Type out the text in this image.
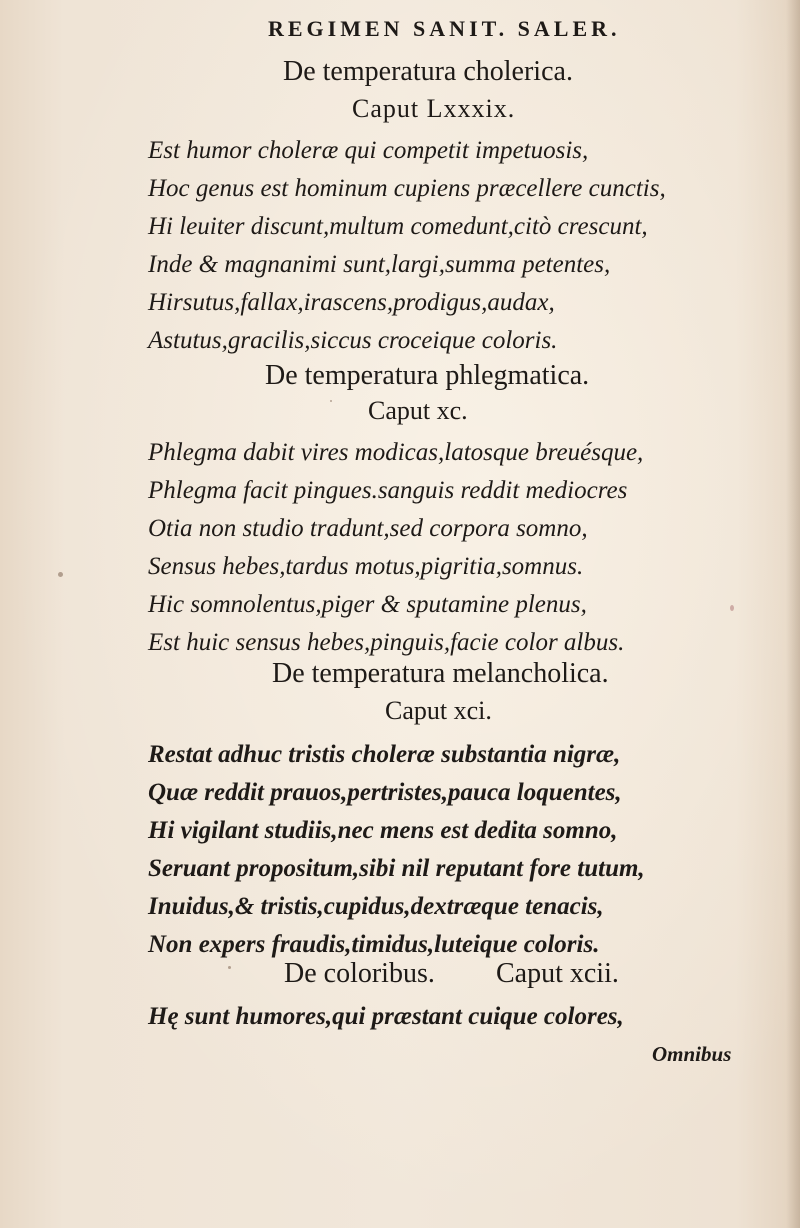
REGIMEN SANIT. SALER.
De temperatura cholerica.
Caput Lxxxix.
Est humor choleræ qui competit impetuosis,
Hoc genus est hominum cupiens præcellere cunctis,
Hi leuiter discunt,multum comedunt,citò crescunt,
Inde & magnanimi sunt,largi,summa petentes,
Hirsutus,fallax,irascens,prodigus,audax,
Astutus,gracilis,siccus croceique coloris.
De temperatura phlegmatica.
Caput xc.
Phlegma dabit vires modicas,latosque breuésque,
Phlegma facit pingues.sanguis reddit mediocres
Otia non studio tradunt,sed corpora somno,
Sensus hebes,tardus motus,pigritia,somnus.
Hic somnolentus,piger & sputamine plenus,
Est huic sensus hebes,pinguis,facie color albus.
De temperatura melancholica.
Caput xci.
Restat adhuc tristis choleræ substantia nigræ,
Quæ reddit prauos,pertristes,pauca loquentes,
Hi vigilant studiis,nec mens est dedita somno,
Seruant propositum,sibi nil reputant fore tutum,
Inuidus,& tristis,cupidus,dextræque tenacis,
Non expers fraudis,timidus,luteique coloris.
De coloribus. Caput xcii.
Hę sunt humores,qui præstant cuique colores,
Omnibus
